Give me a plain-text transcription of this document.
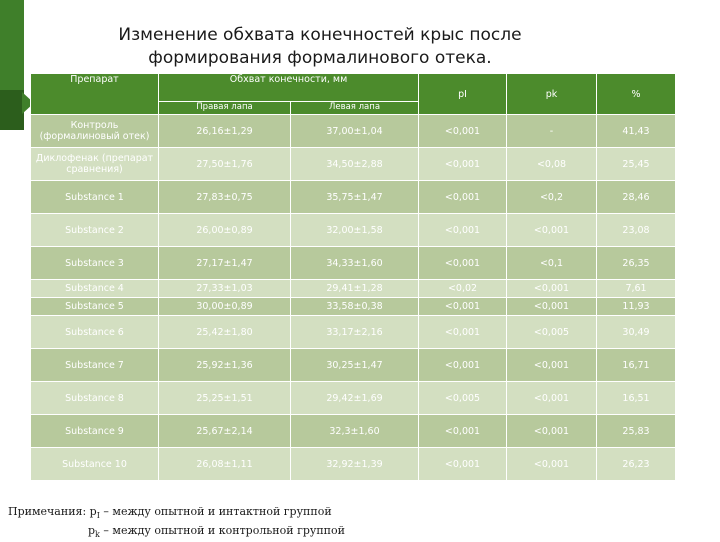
Изменение обхвата конечностей крыс после
формирования формалинового отека.
Препарат	Обхват конечности, мм		pI	pk	%
	Правая лапа	Левая лапа			
Контроль (формалиновый отек)	26,16±1,29	37,00±1,04	<0,001	-	41,43
Диклофенак (препарат сравнения)	27,50±1,76	34,50±2,88	<0,001	<0,08	25,45
Substance 1	27,83±0,75	35,75±1,47	<0,001	<0,2	28,46
Substance 2	26,00±0,89	32,00±1,58	<0,001	<0,001	23,08
Substance 3	27,17±1,47	34,33±1,60	<0,001	<0,1	26,35
Substance 4	27,33±1,03	29,41±1,28	<0,02	<0,001	7,61
Substance 5	30,00±0,89	33,58±0,38	<0,001	<0,001	11,93
Substance 6	25,42±1,80	33,17±2,16	<0,001	<0,005	30,49
Substance 7	25,92±1,36	30,25±1,47	<0,001	<0,001	16,71
Substance 8	25,25±1,51	29,42±1,69	<0,005	<0,001	16,51
Substance 9	25,67±2,14	32,3±1,60	<0,001	<0,001	25,83
Substance 10	26,08±1,11	32,92±1,39	<0,001	<0,001	26,23
Примечания: $p_I$ – между опытной и интактной группой
$p_k$ – между опытной и контрольной группой
